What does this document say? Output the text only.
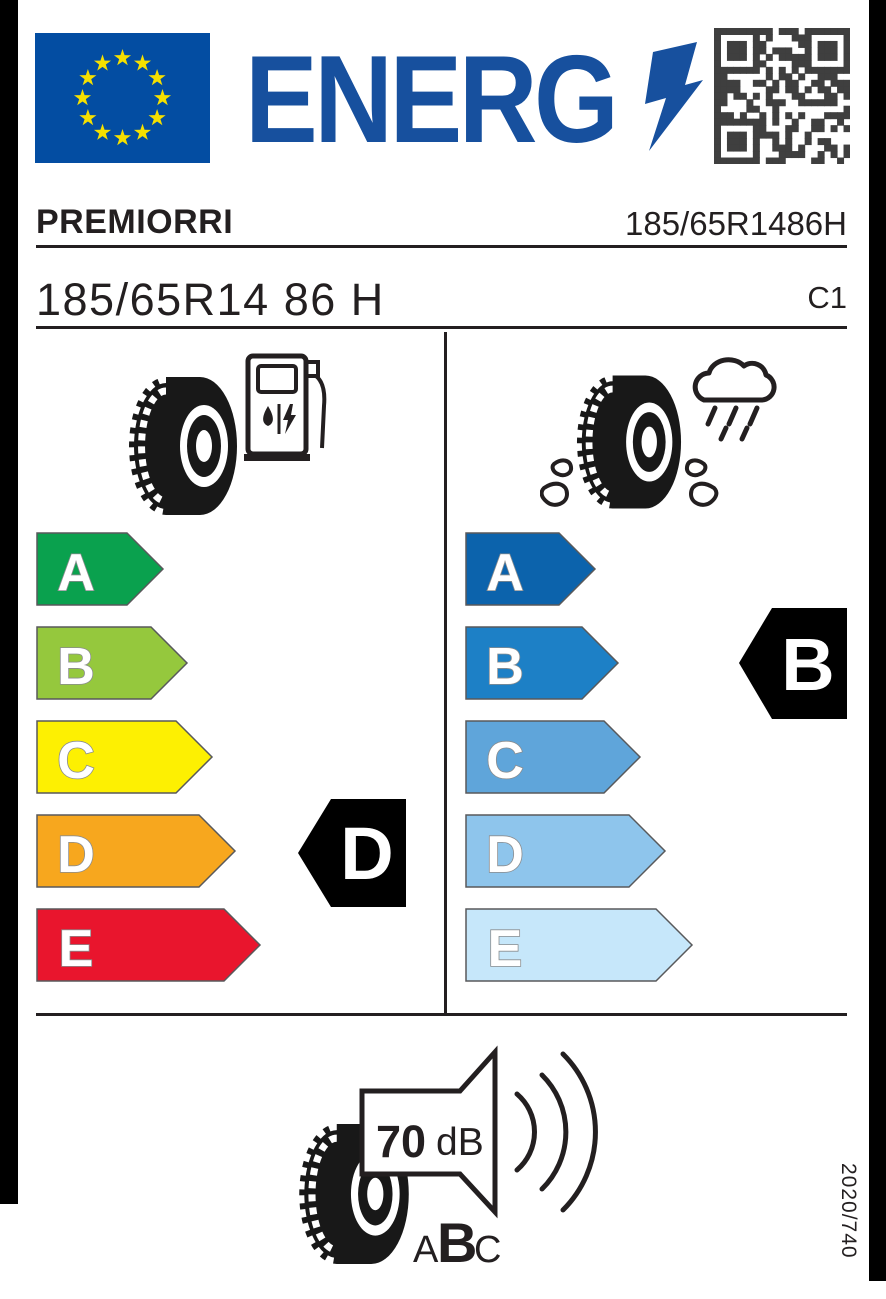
ENERG
PREMIORRI	185/65R1486H
185/65R14 86 H	C1
A
B
C
D
E
A
B
C
D
E
D
B
70 dB
A
B
C	2020/740
